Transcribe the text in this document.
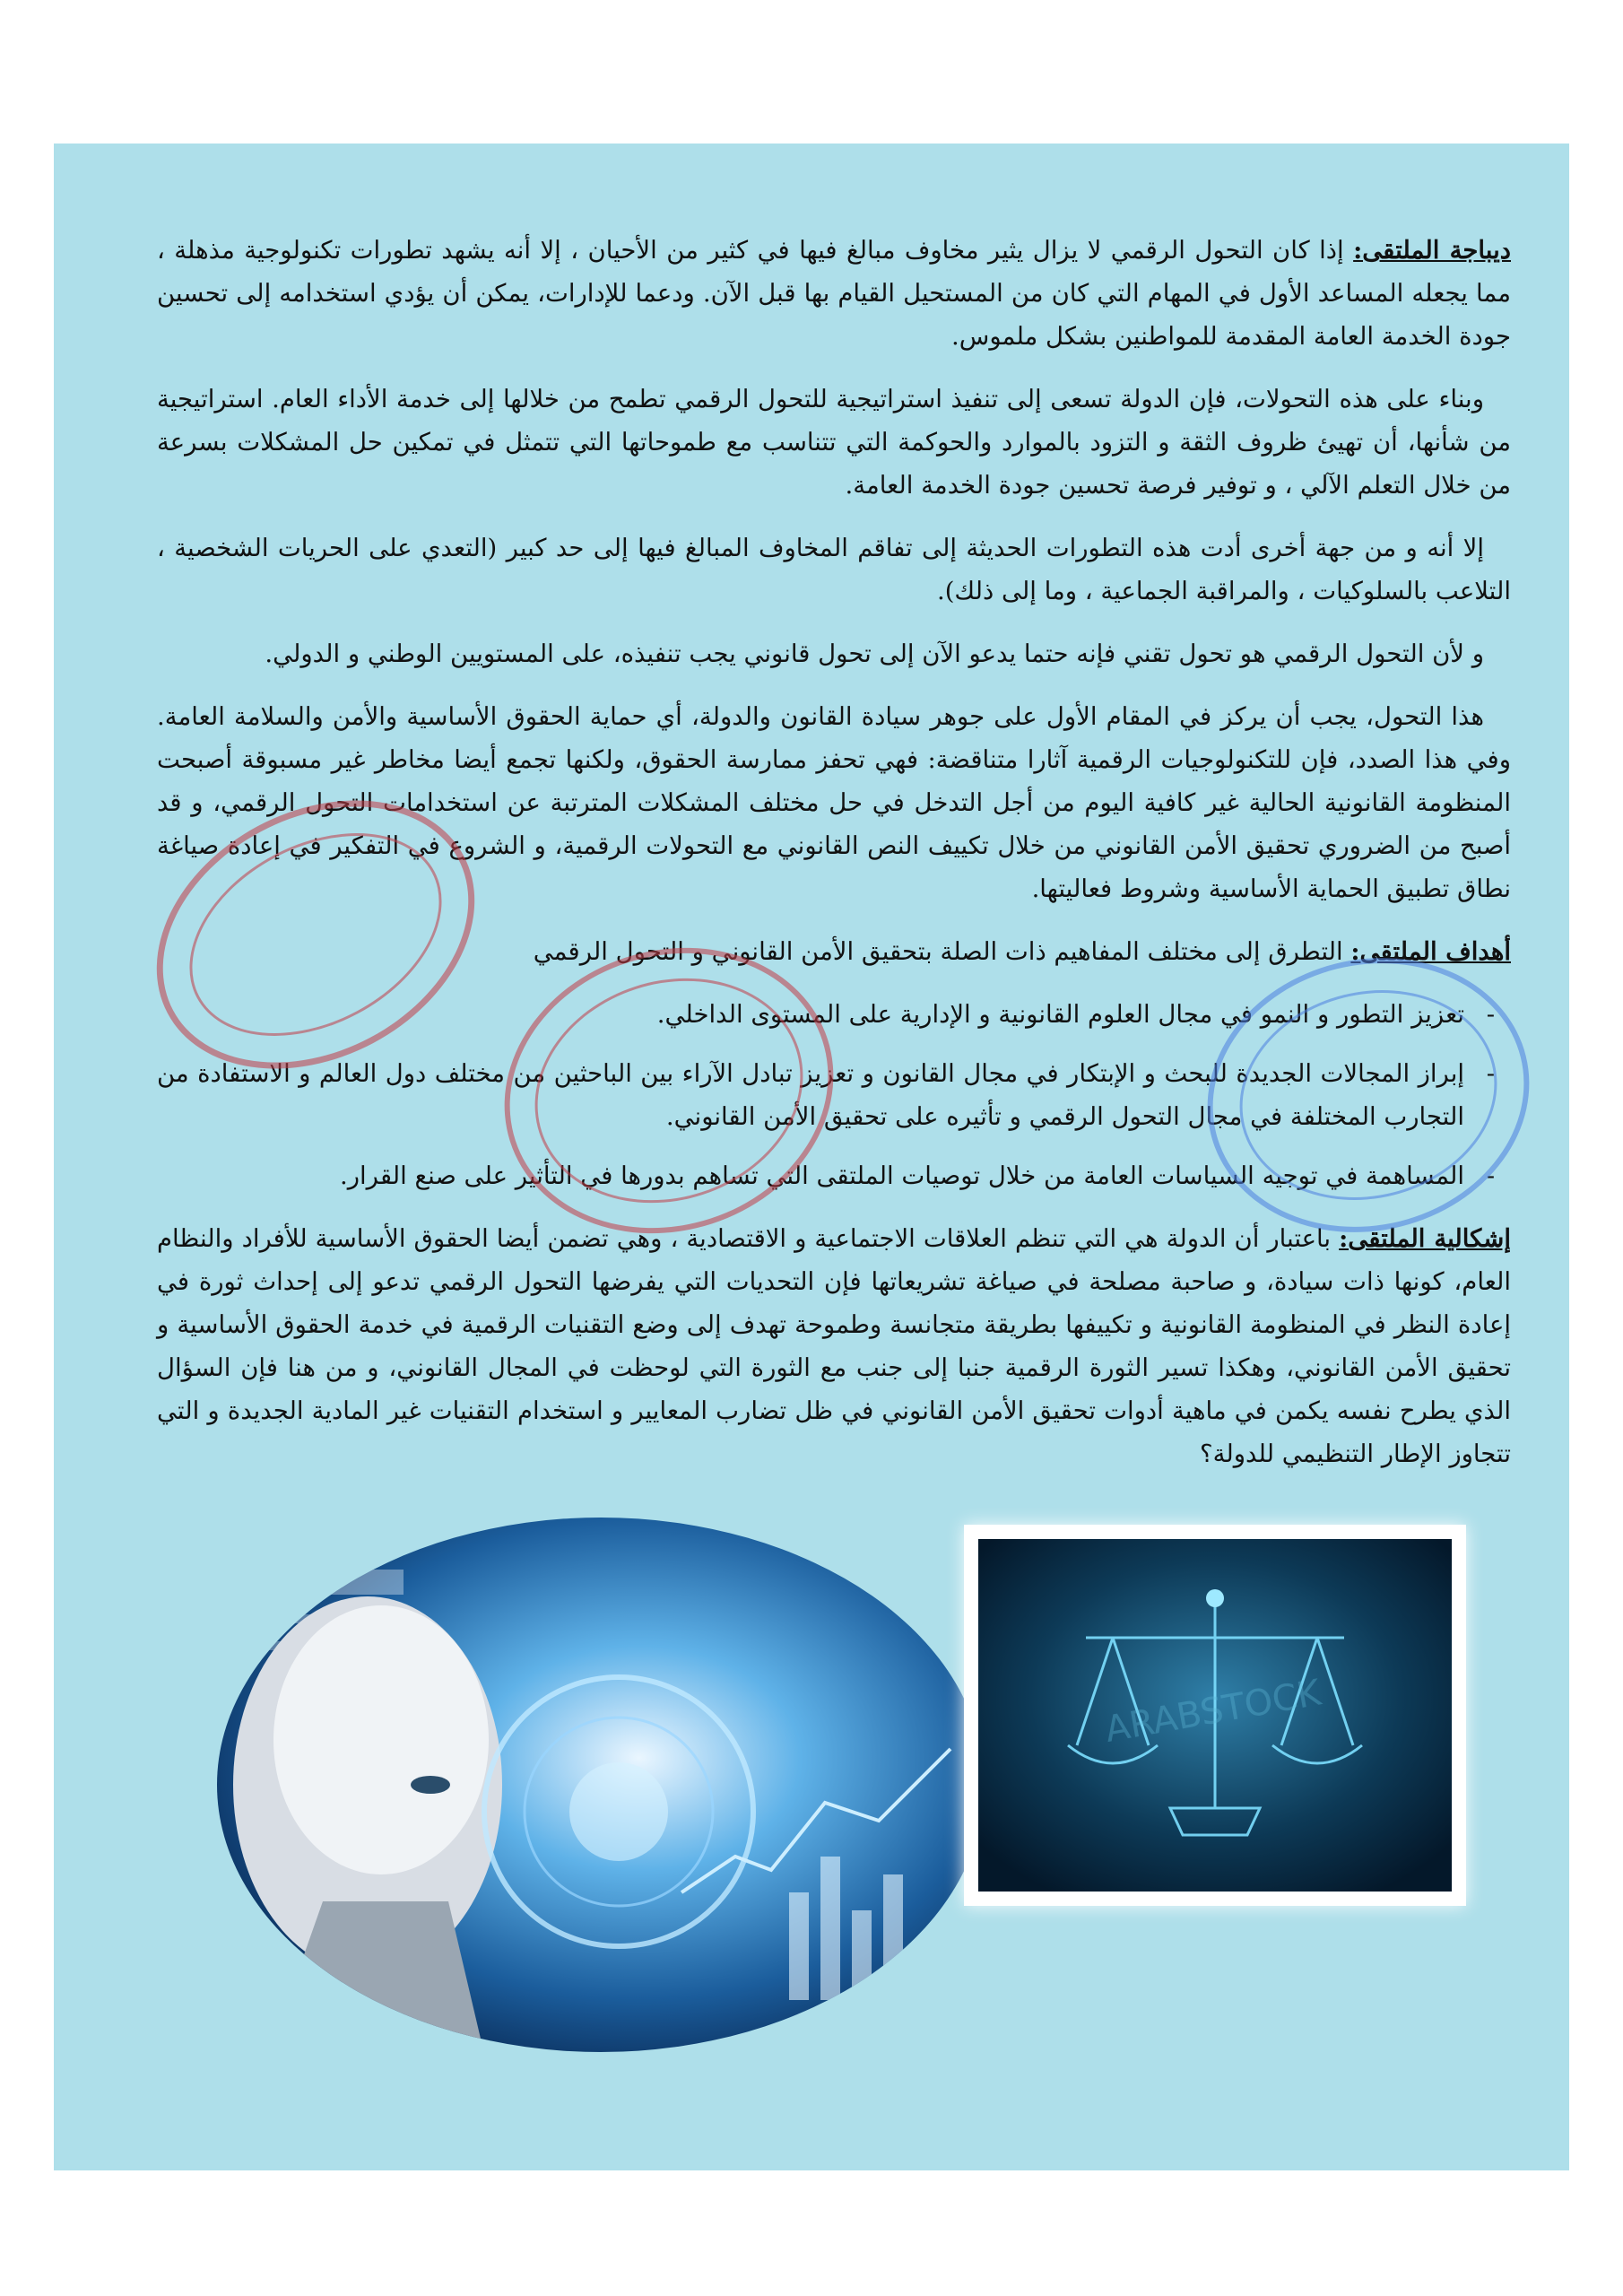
ديباجة الملتقى: إذا كان التحول الرقمي لا يزال يثير مخاوف مبالغ فيها في كثير من الأحيان ، إلا أنه يشهد تطورات تكنولوجية مذهلة ، مما يجعله المساعد الأول في المهام التي كان من المستحيل القيام بها قبل الآن. ودعما للإدارات، يمكن أن يؤدي استخدامه إلى تحسين جودة الخدمة العامة المقدمة للمواطنين بشكل ملموس.

وبناء على هذه التحولات، فإن الدولة تسعى إلى تنفيذ استراتيجية للتحول الرقمي تطمح من خلالها إلى خدمة الأداء العام. استراتيجية من شأنها، أن تهيئ ظروف الثقة و التزود بالموارد والحوكمة التي تتناسب مع طموحاتها التي تتمثل في تمكين حل المشكلات بسرعة من خلال التعلم الآلي ، و توفير فرصة تحسين جودة الخدمة العامة.

إلا أنه و من جهة أخرى أدت هذه التطورات الحديثة إلى تفاقم المخاوف المبالغ فيها إلى حد كبير (التعدي على الحريات الشخصية ، التلاعب بالسلوكيات ، والمراقبة الجماعية ، وما إلى ذلك).

و لأن التحول الرقمي هو تحول تقني فإنه حتما يدعو الآن إلى تحول قانوني يجب تنفيذه، على المستويين الوطني و الدولي.

هذا التحول، يجب أن يركز في المقام الأول على جوهر سيادة القانون والدولة، أي حماية الحقوق الأساسية والأمن والسلامة العامة. وفي هذا الصدد، فإن للتكنولوجيات الرقمية آثارا متناقضة: فهي تحفز ممارسة الحقوق، ولكنها تجمع أيضا مخاطر غير مسبوقة أصبحت المنظومة القانونية الحالية غير كافية اليوم من أجل التدخل في حل مختلف المشكلات المترتبة عن استخدامات التحول الرقمي، و قد أصبح من الضروري تحقيق الأمن القانوني من خلال تكييف النص القانوني مع التحولات الرقمية، و الشروع في التفكير في إعادة صياغة نطاق تطبيق الحماية الأساسية وشروط فعاليتها.

أهداف الملتقى: التطرق إلى مختلف المفاهيم ذات الصلة بتحقيق الأمن القانوني و التحول الرقمي

- تعزيز التطور و النمو في مجال العلوم القانونية و الإدارية على المستوى الداخلي.
- إبراز المجالات الجديدة للبحث و الإبتكار في مجال القانون و تعزيز تبادل الآراء بين الباحثين من مختلف دول العالم و الاستفادة من التجارب المختلفة في مجال التحول الرقمي و تأثيره على تحقيق الأمن القانوني.
- المساهمة في توجيه السياسات العامة من خلال توصيات الملتقى التي تساهم بدورها في التأثير على صنع القرار.

إشكالية الملتقى: باعتبار أن الدولة هي التي تنظم العلاقات الاجتماعية و الاقتصادية ، وهي تضمن أيضا الحقوق الأساسية للأفراد والنظام العام، كونها ذات سيادة، و صاحبة مصلحة في صياغة تشريعاتها فإن التحديات التي يفرضها التحول الرقمي تدعو إلى إحداث ثورة في إعادة النظر في المنظومة القانونية و تكييفها بطريقة متجانسة وطموحة تهدف إلى وضع التقنيات الرقمية في خدمة الحقوق الأساسية و تحقيق الأمن القانوني، وهكذا تسير الثورة الرقمية جنبا إلى جنب مع الثورة التي لوحظت في المجال القانوني، و من هنا فإن السؤال الذي يطرح نفسه يكمن في ماهية أدوات تحقيق الأمن القانوني في ظل تضارب المعايير و استخدام التقنيات غير المادية الجديدة و التي تتجاوز الإطار التنظيمي للدولة؟

ARABSTOCK
